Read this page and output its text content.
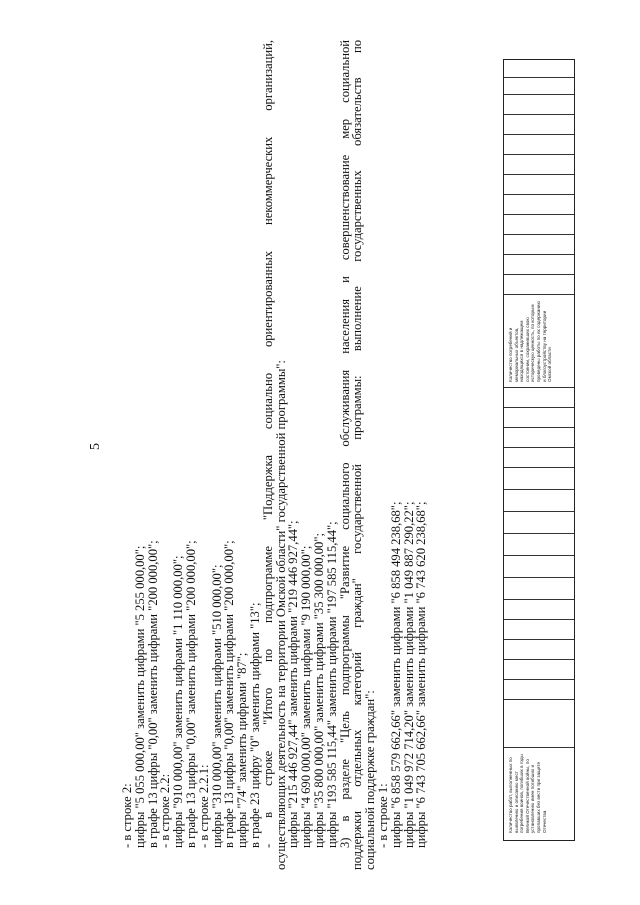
5
Количество работ, выполненных по выявлению и описанию мест погребения воинов, погибших в годы Великой Отечественной войны, по установлению имен погибших и пропавших без вести при защите Отечества
Количество погребений и мемориальных объектов, находящихся в надлежащем состоянии, сохранивших свою историческую ценность, по которым проведены работы по их содержанию и благоустройству на территории Омской области
- в строке 2:
цифры "5 055 000,00" заменить цифрами "5 255 000,00";
в графе 13 цифры "0,00" заменить цифрами "200 000,00";
- в строке 2.2:
цифры "910 000,00" заменить цифрами "1 110 000,00";
в графе 13 цифры "0,00" заменить цифрами "200 000,00";
- в строке 2.2.1:
цифры "310 000,00" заменить цифрами "510 000,00";
в графе 13 цифры "0,00" заменить цифрами "200 000,00";
цифры "74" заменить цифрами "87";
в графе 23 цифру "0" заменить цифрами "13";
- в строке "Итого по подпрограмме "Поддержка социально ориентированных некоммерческих организаций,
осуществляющих деятельность на территории Омской области" государственной программы":
цифры "215 446 927,44" заменить цифрами "219 446 927,44";
цифры "4 690 000,00" заменить цифрами "9 190 000,00";
цифры "35 800 000,00" заменить цифрами "35 300 000,00";
цифры "193 585 115,44" заменить цифрами "197 585 115,44";
3) в разделе "Цель подпрограммы "Развитие социального обслуживания населения и совершенствование мер социальной
поддержки отдельных категорий граждан" государственной программы: выполнение государственных обязательств по
социальной поддержке граждан":
- в строке 1:
цифры "6 858 579 662,66" заменить цифрами "6 858 494 238,68";
цифры "1 049 972 714,20" заменить цифрами "1 049 887 290,22";
цифры "6 743 705 662,66" заменить цифрами "6 743 620 238,68";
